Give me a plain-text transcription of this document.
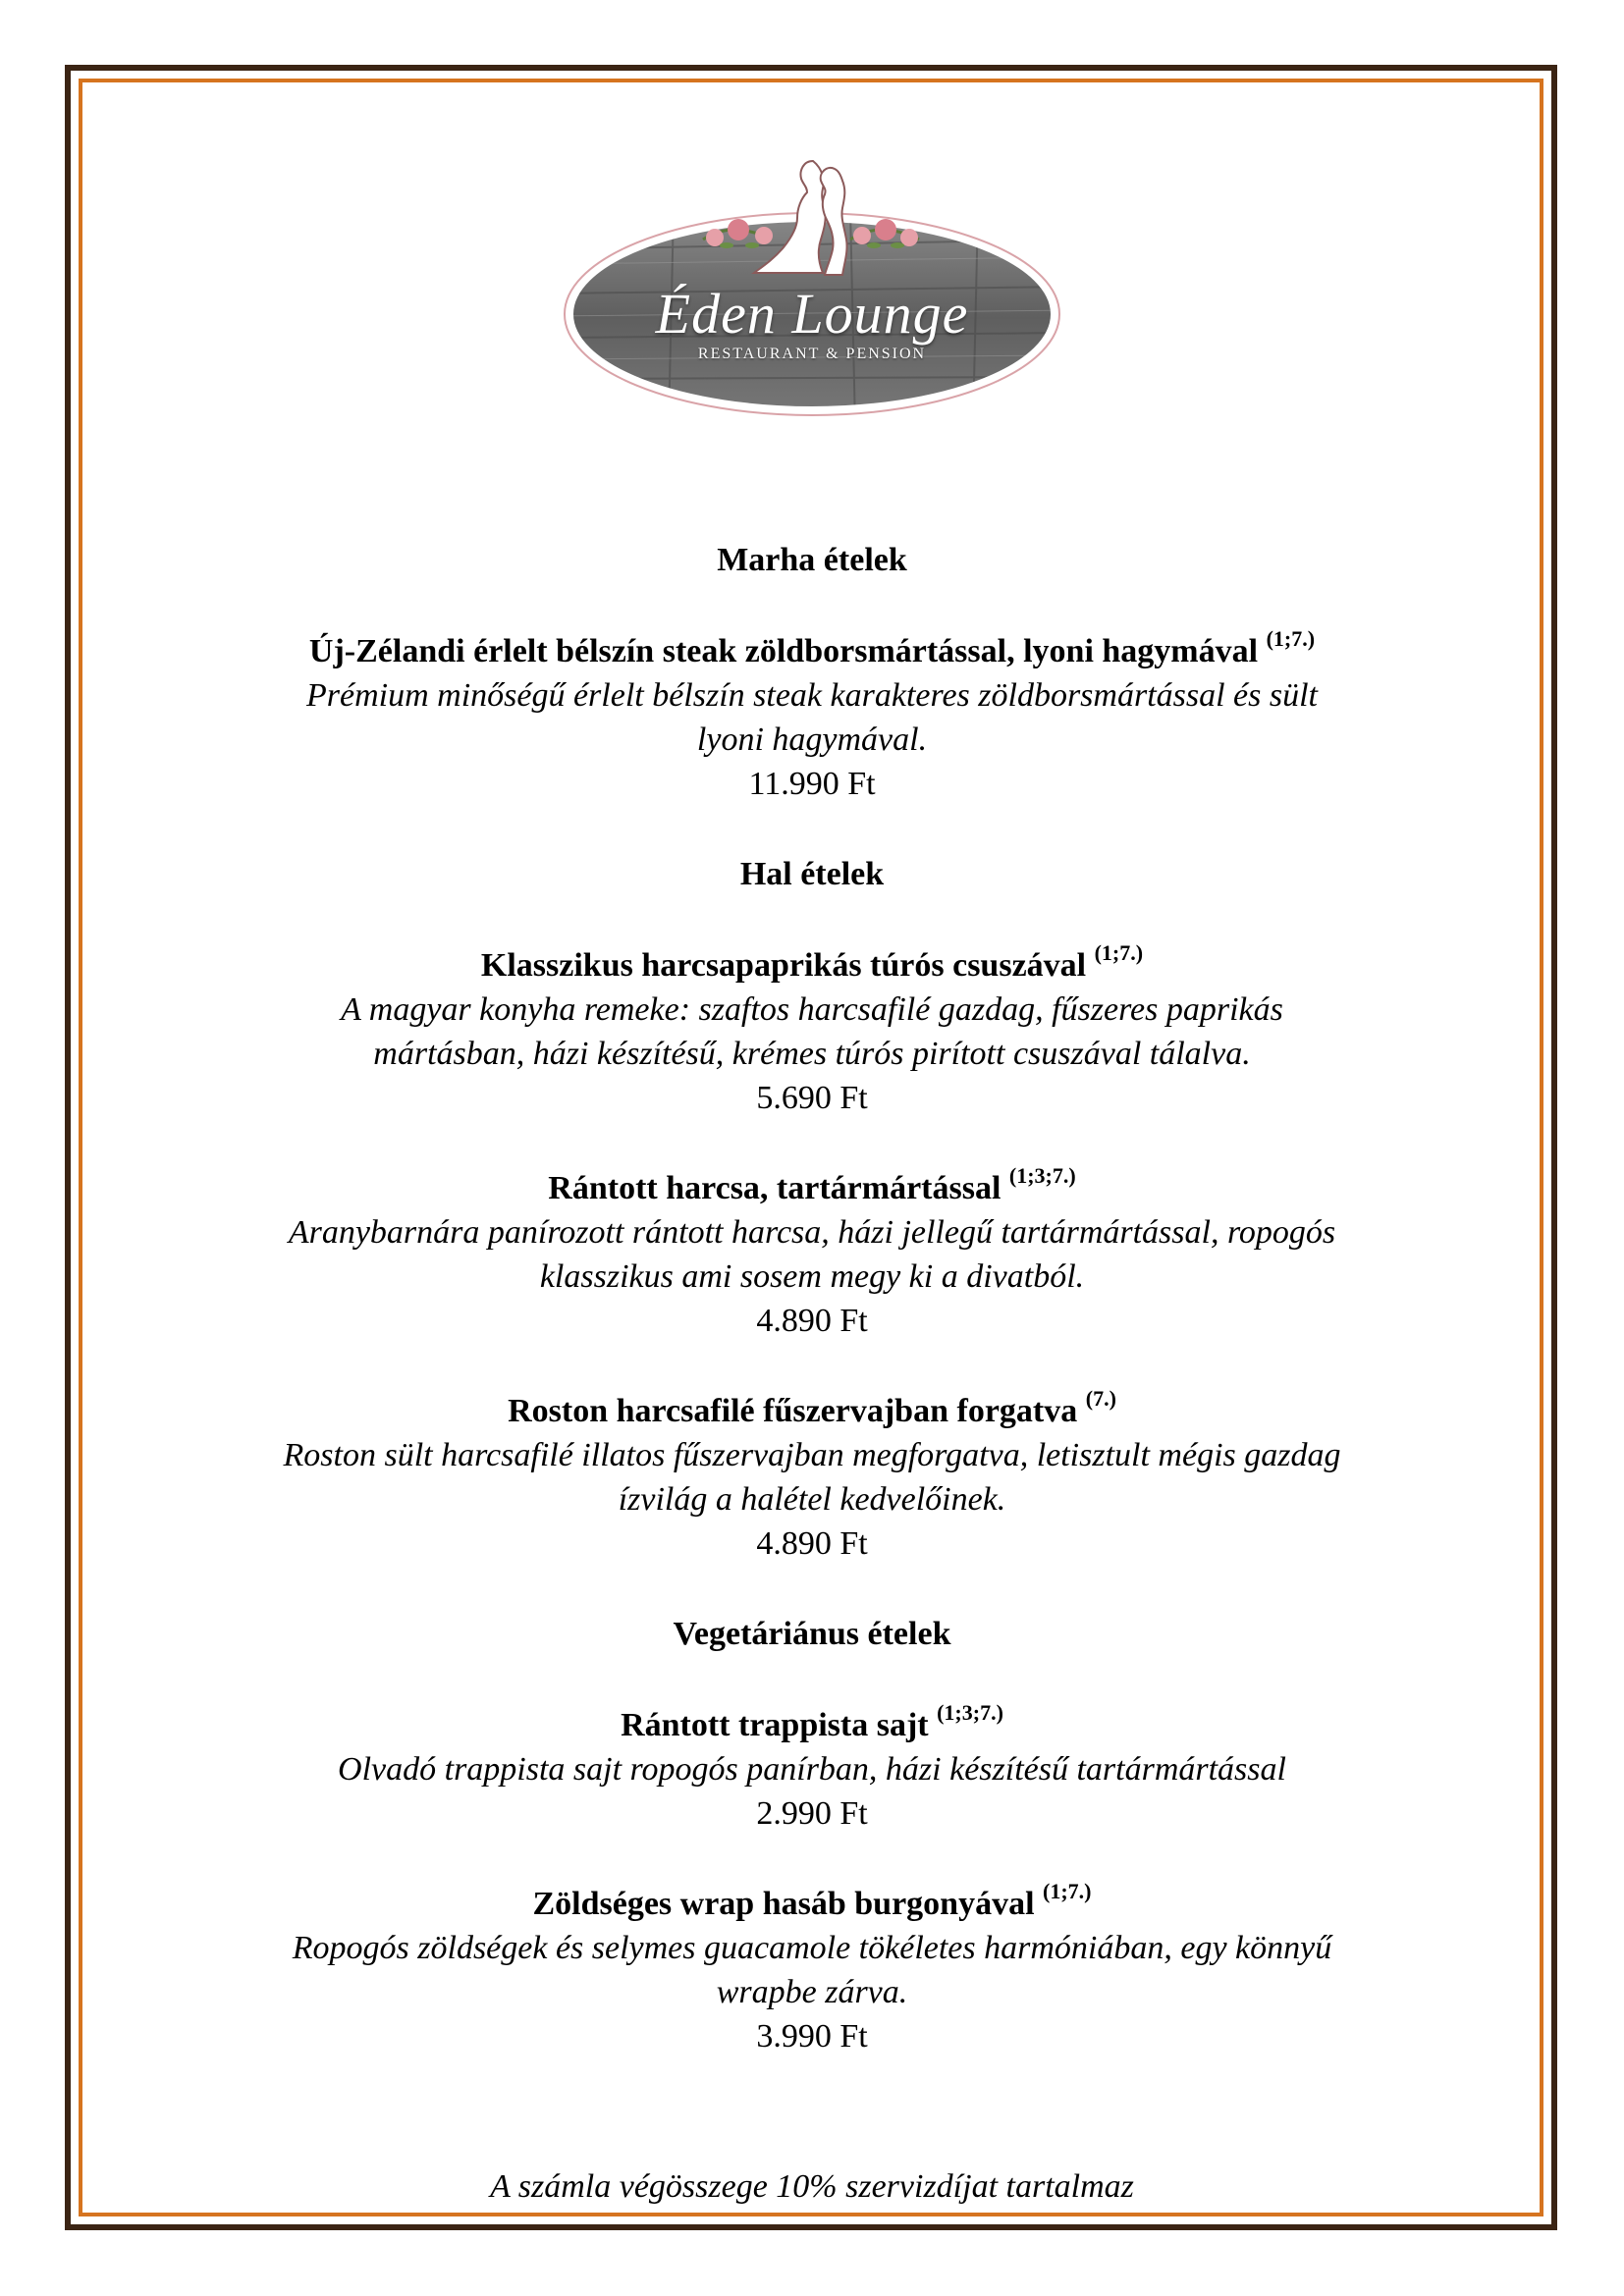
Éden Lounge
RESTAURANT & PENSION
Marha ételek
Új-Zélandi érlelt bélszín steak zöldborsmártással, lyoni hagymával $^{(1;7.)}$
Prémium minőségű érlelt bélszín steak karakteres zöldborsmártással és sült
lyoni hagymával.
11.990 Ft
Hal ételek
Klasszikus harcsapaprikás túrós csuszával $^{(1;7.)}$
A magyar konyha remeke: szaftos harcsafilé gazdag, fűszeres paprikás
mártásban, házi készítésű, krémes túrós pirított csuszával tálalva.
5.690 Ft
Rántott harcsa, tartármártással $^{(1;3;7.)}$
Aranybarnára panírozott rántott harcsa, házi jellegű tartármártással, ropogós
klasszikus ami sosem megy ki a divatból.
4.890 Ft
Roston harcsafilé fűszervajban forgatva $^{(7.)}$
Roston sült harcsafilé illatos fűszervajban megforgatva, letisztult mégis gazdag
ízvilág a halétel kedvelőinek.
4.890 Ft
Vegetáriánus ételek
Rántott trappista sajt $^{(1;3;7.)}$
Olvadó trappista sajt ropogós panírban, házi készítésű tartármártással
2.990 Ft
Zöldséges wrap hasáb burgonyával $^{(1;7.)}$
Ropogós zöldségek és selymes guacamole tökéletes harmóniában, egy könnyű
wrapbe zárva.
3.990 Ft
A számla végösszege 10% szervizdíjat tartalmaz
